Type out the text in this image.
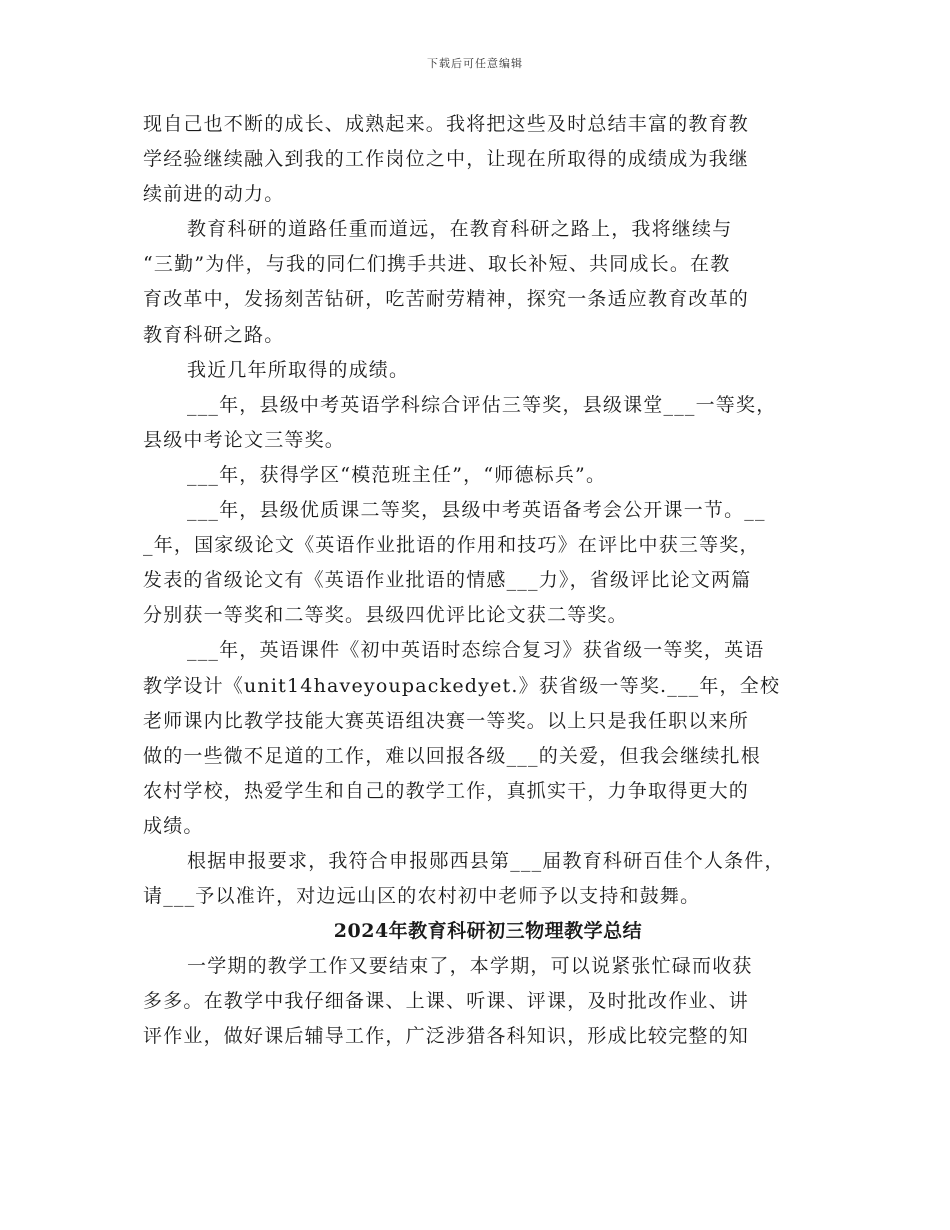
下载后可任意编辑
现自己也不断的成长、成熟起来。我将把这些及时总结丰富的教育教
学经验继续融入到我的工作岗位之中，让现在所取得的成绩成为我继
续前进的动力。
教育科研的道路任重而道远，在教育科研之路上，我将继续与
“三勤”为伴，与我的同仁们携手共进、取长补短、共同成长。在教
育改革中，发扬刻苦钻研，吃苦耐劳精神，探究一条适应教育改革的
教育科研之路。
我近几年所取得的成绩。
___年，县级中考英语学科综合评估三等奖，县级课堂___一等奖，
县级中考论文三等奖。
___年，获得学区“模范班主任”，“师德标兵”。
___年，县级优质课二等奖，县级中考英语备考会公开课一节。__
_年，国家级论文《英语作业批语的作用和技巧》在评比中获三等奖，
发表的省级论文有《英语作业批语的情感___力》，省级评比论文两篇
分别获一等奖和二等奖。县级四优评比论文获二等奖。
___年，英语课件《初中英语时态综合复习》获省级一等奖，英语
教学设计《unit14haveyoupackedyet.》获省级一等奖.___年，全校
老师课内比教学技能大赛英语组决赛一等奖。以上只是我任职以来所
做的一些微不足道的工作，难以回报各级___的关爱，但我会继续扎根
农村学校，热爱学生和自己的教学工作，真抓实干，力争取得更大的
成绩。
根据申报要求，我符合申报郧西县第___届教育科研百佳个人条件，
请___予以准许，对边远山区的农村初中老师予以支持和鼓舞。
2024年教育科研初三物理教学总结
一学期的教学工作又要结束了，本学期，可以说紧张忙碌而收获
多多。在教学中我仔细备课、上课、听课、评课，及时批改作业、讲
评作业，做好课后辅导工作，广泛涉猎各科知识，形成比较完整的知
